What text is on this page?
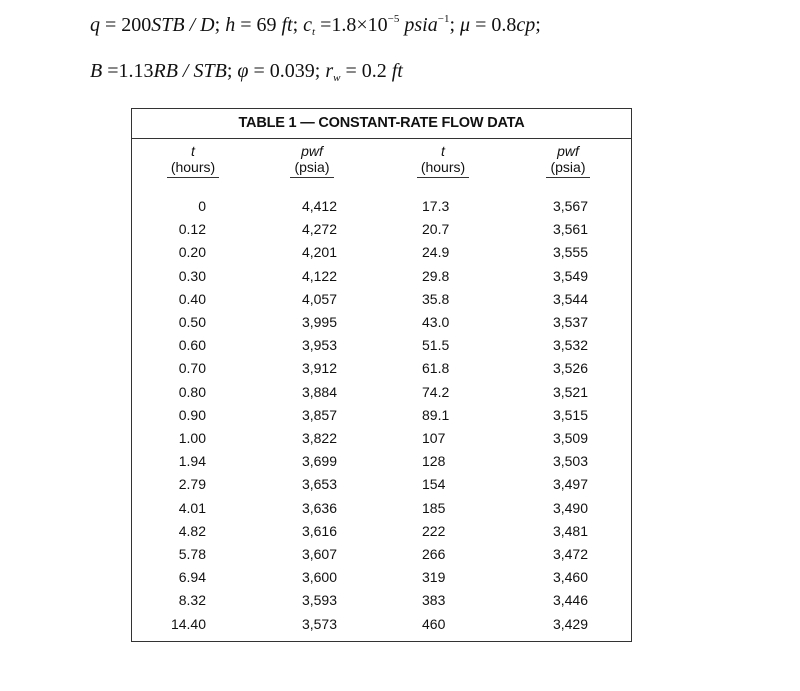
q = 200STB / D; h = 69 ft; $c_t =1.8\times 10^{-5}$ psia$^{-1}$; μ = 0.8cp;
B =1.13RB / STB; φ = 0.039; $r_w = 0.2$ ft
TABLE 1 — CONSTANT-RATE FLOW DATA
t
(hours)
pwf
(psia)
t
(hours)
pwf
(psia)
0	4,412	17.3	3,567
0.12	4,272	20.7	3,561
0.20	4,201	24.9	3,555
0.30	4,122	29.8	3,549
0.40	4,057	35.8	3,544
0.50	3,995	43.0	3,537
0.60	3,953	51.5	3,532
0.70	3,912	61.8	3,526
0.80	3,884	74.2	3,521
0.90	3,857	89.1	3,515
1.00	3,822	107	3,509
1.94	3,699	128	3,503
2.79	3,653	154	3,497
4.01	3,636	185	3,490
4.82	3,616	222	3,481
5.78	3,607	266	3,472
6.94	3,600	319	3,460
8.32	3,593	383	3,446
14.40	3,573	460	3,429
